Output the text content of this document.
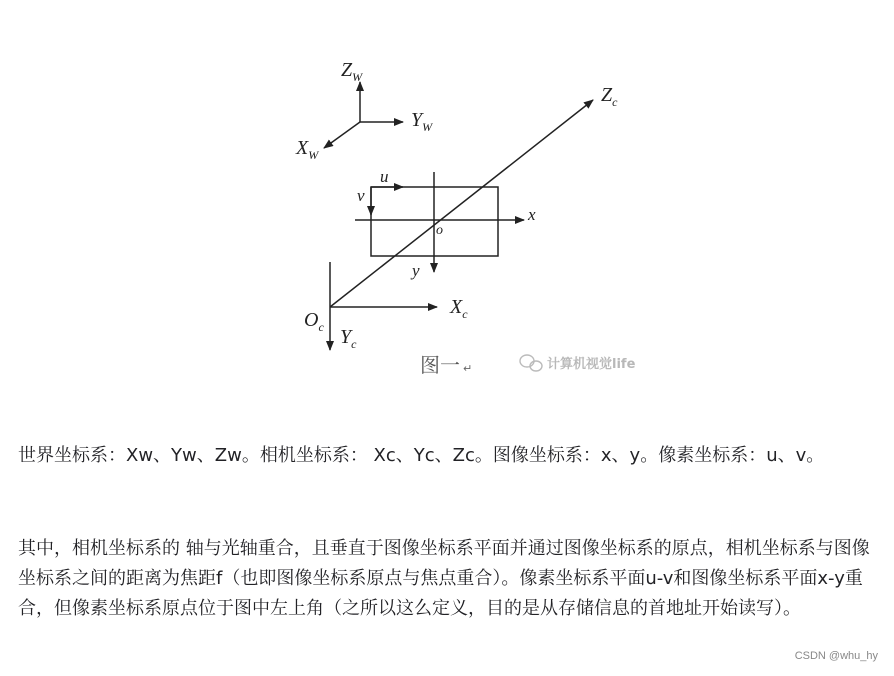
$Z_W$
$Y_W$
$X_W$
$Z_c$
u
v
x
y
o
$X_c$
$Y_c$
$O_c$
图一 ↵	计算机视觉life

世界坐标系：Xw、Yw、Zw。相机坐标系： Xc、Yc、Zc。图像坐标系：x、y。像素坐标系：u、v。

其中，相机坐标系的 轴与光轴重合，且垂直于图像坐标系平面并通过图像坐标系的原点，相机坐标系与图像坐标系之间的距离为焦距f（也即图像坐标系原点与焦点重合）。像素坐标系平面u-v和图像坐标系平面x-y重合，但像素坐标系原点位于图中左上角（之所以这么定义，目的是从存储信息的首地址开始读写）。

CSDN @whu_hy
